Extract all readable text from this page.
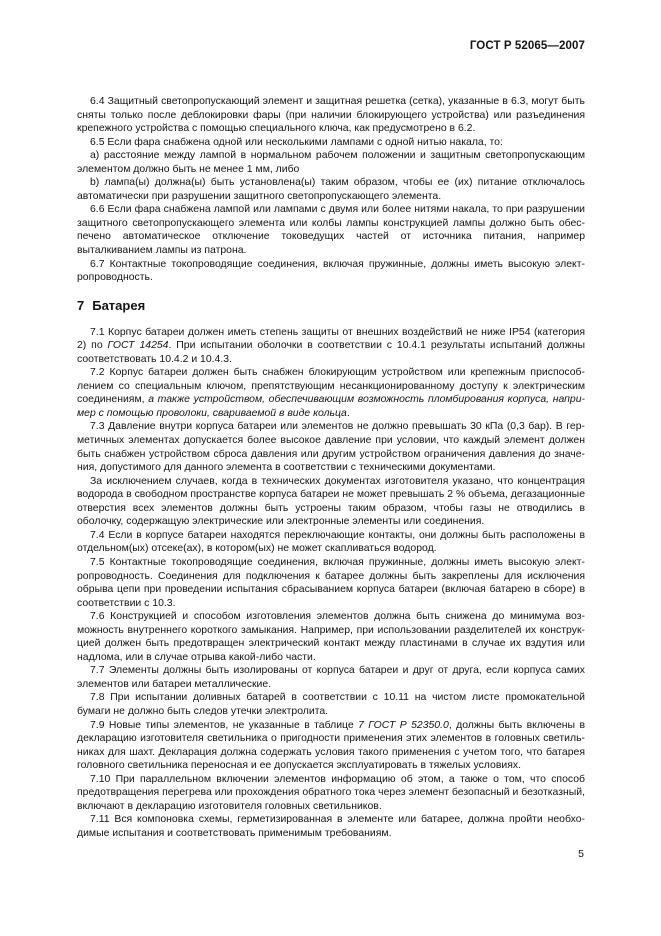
ГОСТ Р 52065—2007

6.4 Защитный светопропускающий элемент и защитная решетка (сетка), указанные в 6.3, могут быть сняты только после деблокировки фары (при наличии блокирующего устройства) или разъединения крепежного устройства с помощью специального ключа, как предусмотрено в 6.2.

6.5 Если фара снабжена одной или несколькими лампами с одной нитью накала, то:

а) расстояние между лампой в нормальном рабочем положении и защитным светопропускающим элементом должно быть не менее 1 мм, либо

b) лампа(ы) должна(ы) быть установлена(ы) таким образом, чтобы ее (их) питание отключалось автоматически при разрушении защитного светопропускающего элемента.

6.6 Если фара снабжена лампой или лампами с двумя или более нитями накала, то при разрушении защитного светопропускающего элемента или колбы лампы конструкцией лампы должно быть обеспечено автоматическое отключение токоведущих частей от источника питания, например выталкиванием лампы из патрона.

6.7 Контактные токопроводящие соединения, включая пружинные, должны иметь высокую электропроводность.

7 Батарея

7.1 Корпус батареи должен иметь степень защиты от внешних воздействий не ниже IP54 (категория 2) по ГОСТ 14254. При испытании оболочки в соответствии с 10.4.1 результаты испытаний должны соответствовать 10.4.2 и 10.4.3.

7.2 Корпус батареи должен быть снабжен блокирующим устройством или крепежным приспособлением со специальным ключом, препятствующим несанкционированному доступу к электрическим соединениям, а также устройством, обеспечивающим возможность пломбирования корпуса, например с помощью проволоки, свариваемой в виде кольца.

7.3 Давление внутри корпуса батареи или элементов не должно превышать 30 кПа (0,3 бар). В герметичных элементах допускается более высокое давление при условии, что каждый элемент должен быть снабжен устройством сброса давления или другим устройством ограничения давления до значения, допустимого для данного элемента в соответствии с техническими документами.

За исключением случаев, когда в технических документах изготовителя указано, что концентрация водорода в свободном пространстве корпуса батареи не может превышать 2 % объема, дегазационные отверстия всех элементов должны быть устроены таким образом, чтобы газы не отводились в оболочку, содержащую электрические или электронные элементы или соединения.

7.4 Если в корпусе батареи находятся переключающие контакты, они должны быть расположены в отдельном(ых) отсеке(ах), в котором(ых) не может скапливаться водород.

7.5 Контактные токопроводящие соединения, включая пружинные, должны иметь высокую электропроводность. Соединения для подключения к батарее должны быть закреплены для исключения обрыва цепи при проведении испытания сбрасыванием корпуса батареи (включая батарею в сборе) в соответствии с 10.3.

7.6 Конструкцией и способом изготовления элементов должна быть снижена до минимума возможность внутреннего короткого замыкания. Например, при использовании разделителей их конструкцией должен быть предотвращен электрический контакт между пластинами в случае их вздутия или надлома, или в случае отрыва какой-либо части.

7.7 Элементы должны быть изолированы от корпуса батареи и друг от друга, если корпуса самих элементов или батареи металлические.

7.8 При испытании доливных батарей в соответствии с 10.11 на чистом листе промокательной бумаги не должно быть следов утечки электролита.

7.9 Новые типы элементов, не указанные в таблице 7 ГОСТ Р 52350.0, должны быть включены в декларацию изготовителя светильника о пригодности применения этих элементов в головных светильниках для шахт. Декларация должна содержать условия такого применения с учетом того, что батарея головного светильника переносная и ее допускается эксплуатировать в тяжелых условиях.

7.10 При параллельном включении элементов информацию об этом, а также о том, что способ предотвращения перегрева или прохождения обратного тока через элемент безопасный и безотказный, включают в декларацию изготовителя головных светильников.

7.11 Вся компоновка схемы, герметизированная в элементе или батарее, должна пройти необходимые испытания и соответствовать применимым требованиям.

5
